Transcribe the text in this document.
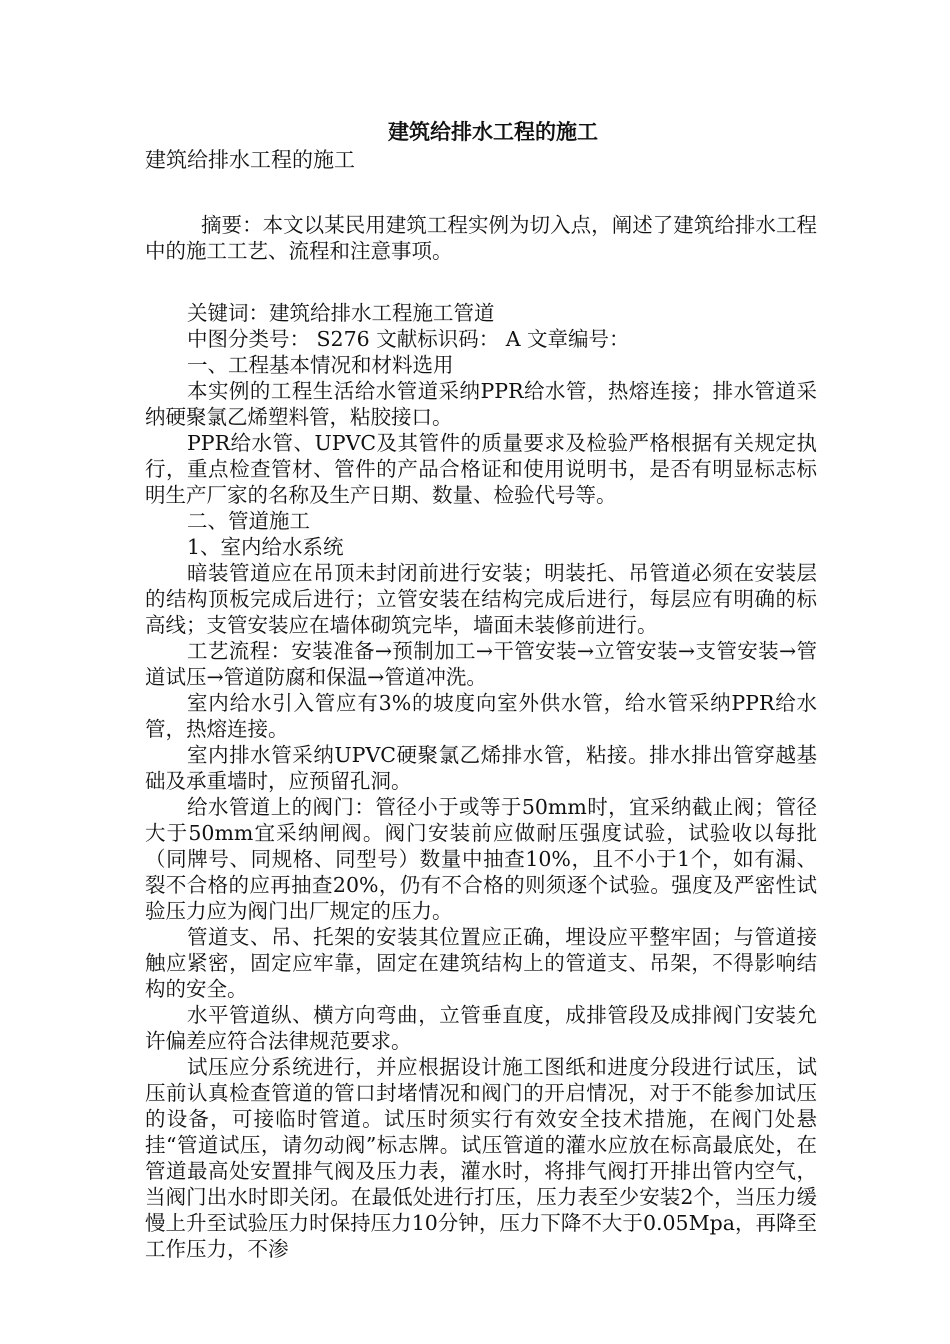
建筑给排水工程的施工
建筑给排水工程的施工

摘要：本文以某民用建筑工程实例为切入点，阐述了建筑给排水工程中的施工工艺、流程和注意事项。

关键词：建筑给排水工程施工管道

中图分类号： S276 文献标识码： A 文章编号：

一、工程基本情况和材料选用

本实例的工程生活给水管道采纳PPR给水管，热熔连接；排水管道采纳硬聚氯乙烯塑料管，粘胶接口。

PPR给水管、UPVC及其管件的质量要求及检验严格根据有关规定执行，重点检查管材、管件的产品合格证和使用说明书，是否有明显标志标明生产厂家的名称及生产日期、数量、检验代号等。

二、管道施工

1、室内给水系统

暗装管道应在吊顶未封闭前进行安装；明装托、吊管道必须在安装层的结构顶板完成后进行；立管安装在结构完成后进行，每层应有明确的标高线；支管安装应在墙体砌筑完毕，墙面未装修前进行。

工艺流程：安装准备→预制加工→干管安装→立管安装→支管安装→管道试压→管道防腐和保温→管道冲洗。

室内给水引入管应有3%的坡度向室外供水管，给水管采纳PPR给水管，热熔连接。

室内排水管采纳UPVC硬聚氯乙烯排水管，粘接。排水排出管穿越基础及承重墙时，应预留孔洞。

给水管道上的阀门：管径小于或等于50mm时，宜采纳截止阀；管径大于50mm宜采纳闸阀。阀门安装前应做耐压强度试验，试验收以每批（同牌号、同规格、同型号）数量中抽查10%，且不小于1个，如有漏、裂不合格的应再抽查20%，仍有不合格的则须逐个试验。强度及严密性试验压力应为阀门出厂规定的压力。

管道支、吊、托架的安装其位置应正确，埋设应平整牢固；与管道接触应紧密，固定应牢靠，固定在建筑结构上的管道支、吊架，不得影响结构的安全。

水平管道纵、横方向弯曲，立管垂直度，成排管段及成排阀门安装允许偏差应符合法律规范要求。

试压应分系统进行，并应根据设计施工图纸和进度分段进行试压，试压前认真检查管道的管口封堵情况和阀门的开启情况，对于不能参加试压的设备，可接临时管道。试压时须实行有效安全技术措施，在阀门处悬挂“管道试压，请勿动阀”标志牌。试压管道的灌水应放在标高最底处，在管道最高处安置排气阀及压力表，灌水时，将排气阀打开排出管内空气，当阀门出水时即关闭。在最低处进行打压，压力表至少安装2个，当压力缓慢上升至试验压力时保持压力10分钟，压力下降不大于0.05Mpa，再降至工作压力，不渗
